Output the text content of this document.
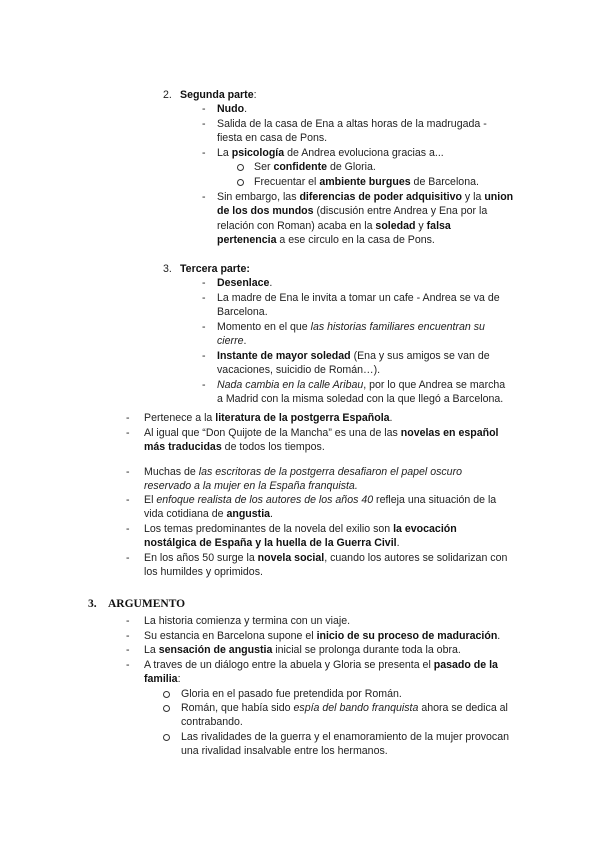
2. Segunda parte:
- Nudo.
- Salida de la casa de Ena a altas horas de la madrugada -
fiesta en casa de Pons.
- La psicología de Andrea evoluciona gracias a...
Ser confidente de Gloria.
Frecuentar el ambiente burgues de Barcelona.
- Sin embargo, las diferencias de poder adquisitivo y la union
de los dos mundos (discusión entre Andrea y Ena por la
relación con Roman) acaba en la soledad y falsa
pertenencia a ese circulo en la casa de Pons.
3. Tercera parte:
- Desenlace.
- La madre de Ena le invita a tomar un cafe - Andrea se va de
Barcelona.
- Momento en el que las historias familiares encuentran su
cierre.
- Instante de mayor soledad (Ena y sus amigos se van de
vacaciones, suicidio de Román…).
- Nada cambia en la calle Aribau, por lo que Andrea se marcha
a Madrid con la misma soledad con la que llegó a Barcelona.
- Pertenece a la literatura de la postgerra Española.
- Al igual que “Don Quijote de la Mancha” es una de las novelas en español
más traducidas de todos los tiempos.
- Muchas de las escritoras de la postgerra desafiaron el papel oscuro
reservado a la mujer en la España franquista.
- El enfoque realista de los autores de los años 40 refleja una situación de la
vida cotidiana de angustia.
- Los temas predominantes de la novela del exilio son la evocación
nostálgica de España y la huella de la Guerra Civil.
- En los años 50 surge la novela social, cuando los autores se solidarizan con
los humildes y oprimidos.
3. ARGUMENTO
- La historia comienza y termina con un viaje.
- Su estancia en Barcelona supone el inicio de su proceso de maduración.
- La sensación de angustia inicial se prolonga durante toda la obra.
- A traves de un diálogo entre la abuela y Gloria se presenta el pasado de la
familia:
Gloria en el pasado fue pretendida por Román.
Román, que había sido espía del bando franquista ahora se dedica al
contrabando.
Las rivalidades de la guerra y el enamoramiento de la mujer provocan
una rivalidad insalvable entre los hermanos.
